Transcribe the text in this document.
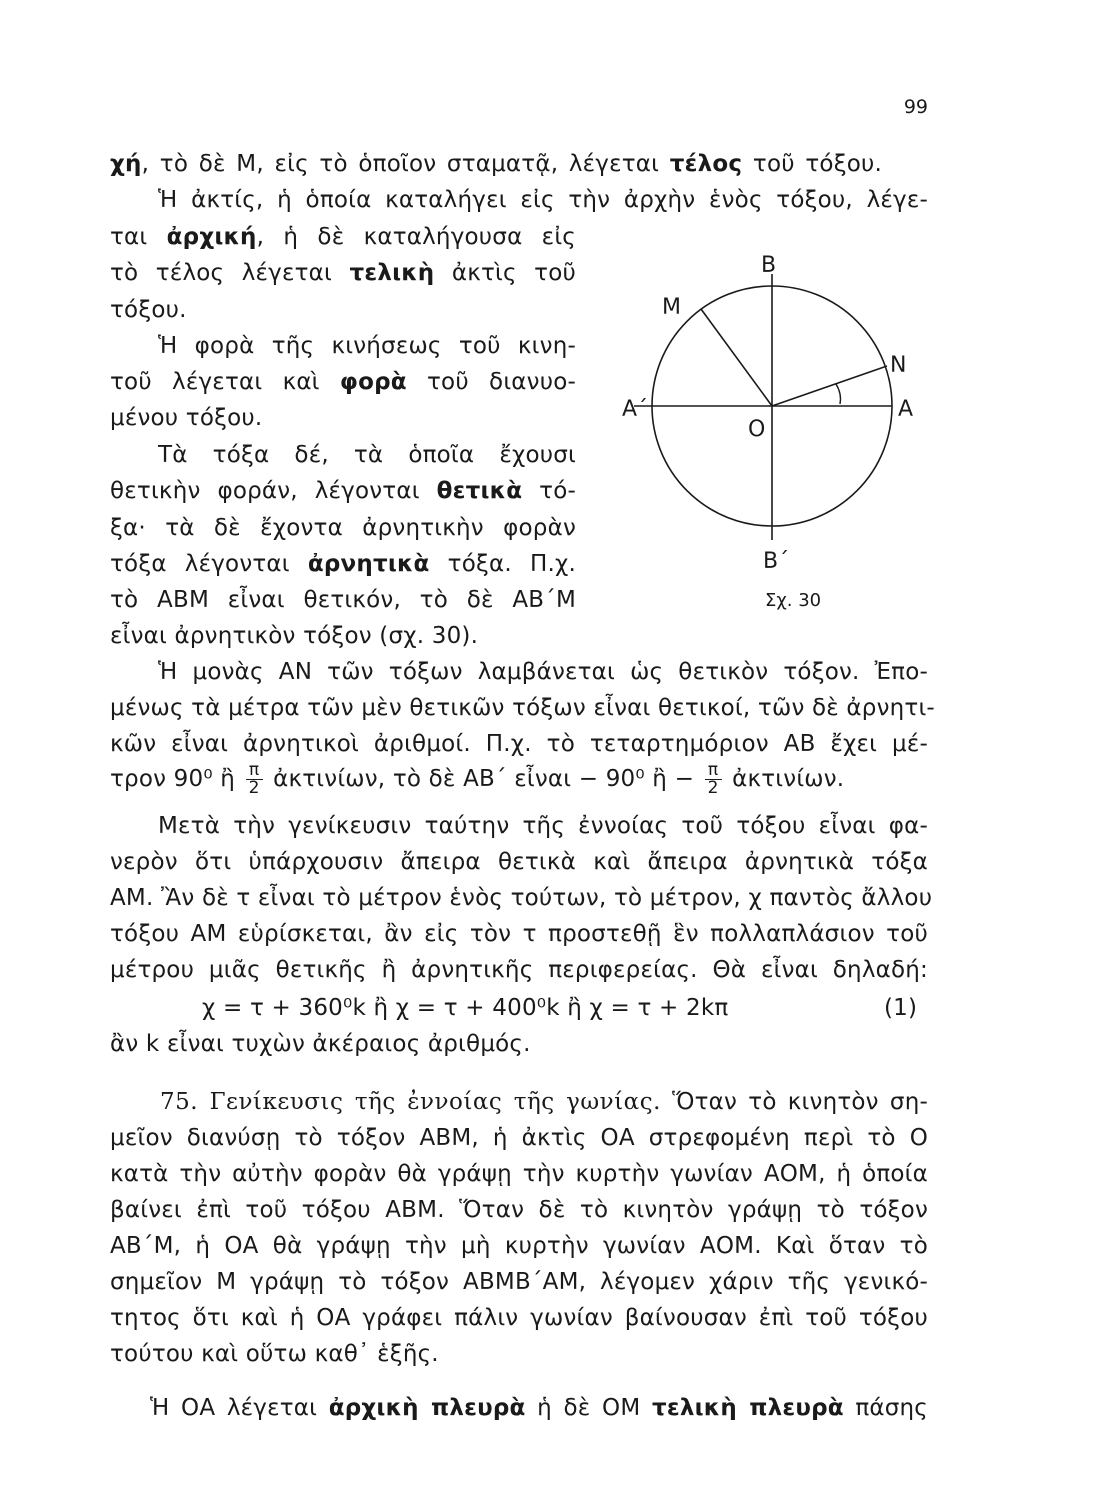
99
χή, τὸ δὲ Μ, εἰς τὸ ὁποῖον σταματᾷ, λέγεται τέλος τοῦ τόξου.
Ἡ ἀκτίς, ἡ ὁποία καταλήγει εἰς τὴν ἀρχὴν ἑνὸς τόξου, λέγε-
ται ἀρχική, ἡ δὲ καταλήγουσα εἰς
τὸ τέλος λέγεται τελικὴ ἀκτὶς τοῦ
τόξου.
Ἡ φορὰ τῆς κινήσεως τοῦ κινη-
τοῦ λέγεται καὶ φορὰ τοῦ διανυο-
μένου τόξου.
Τὰ τόξα δέ, τὰ ὁποῖα ἔχουσι
θετικὴν φοράν, λέγονται θετικὰ τό-
ξα· τὰ δὲ ἔχοντα ἀρνητικὴν φορὰν
τόξα λέγονται ἀρνητικὰ τόξα. Π.χ.
τὸ ΑΒΜ εἶναι θετικόν, τὸ δὲ ΑΒ΄Μ
εἶναι ἀρνητικὸν τόξον (σχ. 30).
Ἡ μονὰς ΑΝ τῶν τόξων λαμβάνεται ὡς θετικὸν τόξον. Ἐπο-
μένως τὰ μέτρα τῶν μὲν θετικῶν τόξων εἶναι θετικοί, τῶν δὲ ἀρνητι-
κῶν εἶναι ἀρνητικοὶ ἀριθμοί. Π.χ. τὸ τεταρτημόριον ΑΒ ἔχει μέ-
τρον 90⁰ ἢ $\frac{\pi}{2}$ ἀκτινίων, τὸ δὲ ΑΒ΄ εἶναι − 90⁰ ἢ − $\frac{\pi}{2}$ ἀκτινίων.
Μετὰ τὴν γενίκευσιν ταύτην τῆς ἐννοίας τοῦ τόξου εἶναι φα-
νερὸν ὅτι ὑπάρχουσιν ἄπειρα θετικὰ καὶ ἄπειρα ἀρνητικὰ τόξα
ΑΜ. Ἂν δὲ τ εἶναι τὸ μέτρον ἑνὸς τούτων, τὸ μέτρον, χ παντὸς ἄλλου
τόξου ΑΜ εὑρίσκεται, ἂν εἰς τὸν τ προστεθῇ ἓν πολλαπλάσιον τοῦ
μέτρου μιᾶς θετικῆς ἢ ἀρνητικῆς περιφερείας. Θὰ εἶναι δηλαδή:
χ = τ + 360⁰k ἢ χ = τ + 400⁰k ἢ χ = τ + 2kπ	(1)
ἂν k εἶναι τυχὼν ἀκέραιος ἀριθμός.
75. Γενίκευσις τῆς ἐννοίας τῆς γωνίας. Ὅταν τὸ κινητὸν ση-
μεῖον διανύσῃ τὸ τόξον ΑΒΜ, ἡ ἀκτὶς ΟΑ στρεφομένη περὶ τὸ Ο
κατὰ τὴν αὐτὴν φορὰν θὰ γράψῃ τὴν κυρτὴν γωνίαν ΑΟΜ, ἡ ὁποία
βαίνει ἐπὶ τοῦ τόξου ΑΒΜ. Ὅταν δὲ τὸ κινητὸν γράψῃ τὸ τόξον
ΑΒ΄Μ, ἡ ΟΑ θὰ γράψῃ τὴν μὴ κυρτὴν γωνίαν ΑΟΜ. Καὶ ὅταν τὸ
σημεῖον Μ γράψῃ τὸ τόξον ΑΒΜΒ΄ΑΜ, λέγομεν χάριν τῆς γενικό-
τητος ὅτι καὶ ἡ ΟΑ γράφει πάλιν γωνίαν βαίνουσαν ἐπὶ τοῦ τόξου
τούτου καὶ οὕτω καθ᾽ ἑξῆς.
Ἡ ΟΑ λέγεται ἀρχικὴ πλευρὰ ἡ δὲ ΟΜ τελικὴ πλευρὰ πάσης
Β
Μ
Ν
Α
Α΄
Ο
Β΄
Σχ. 30
